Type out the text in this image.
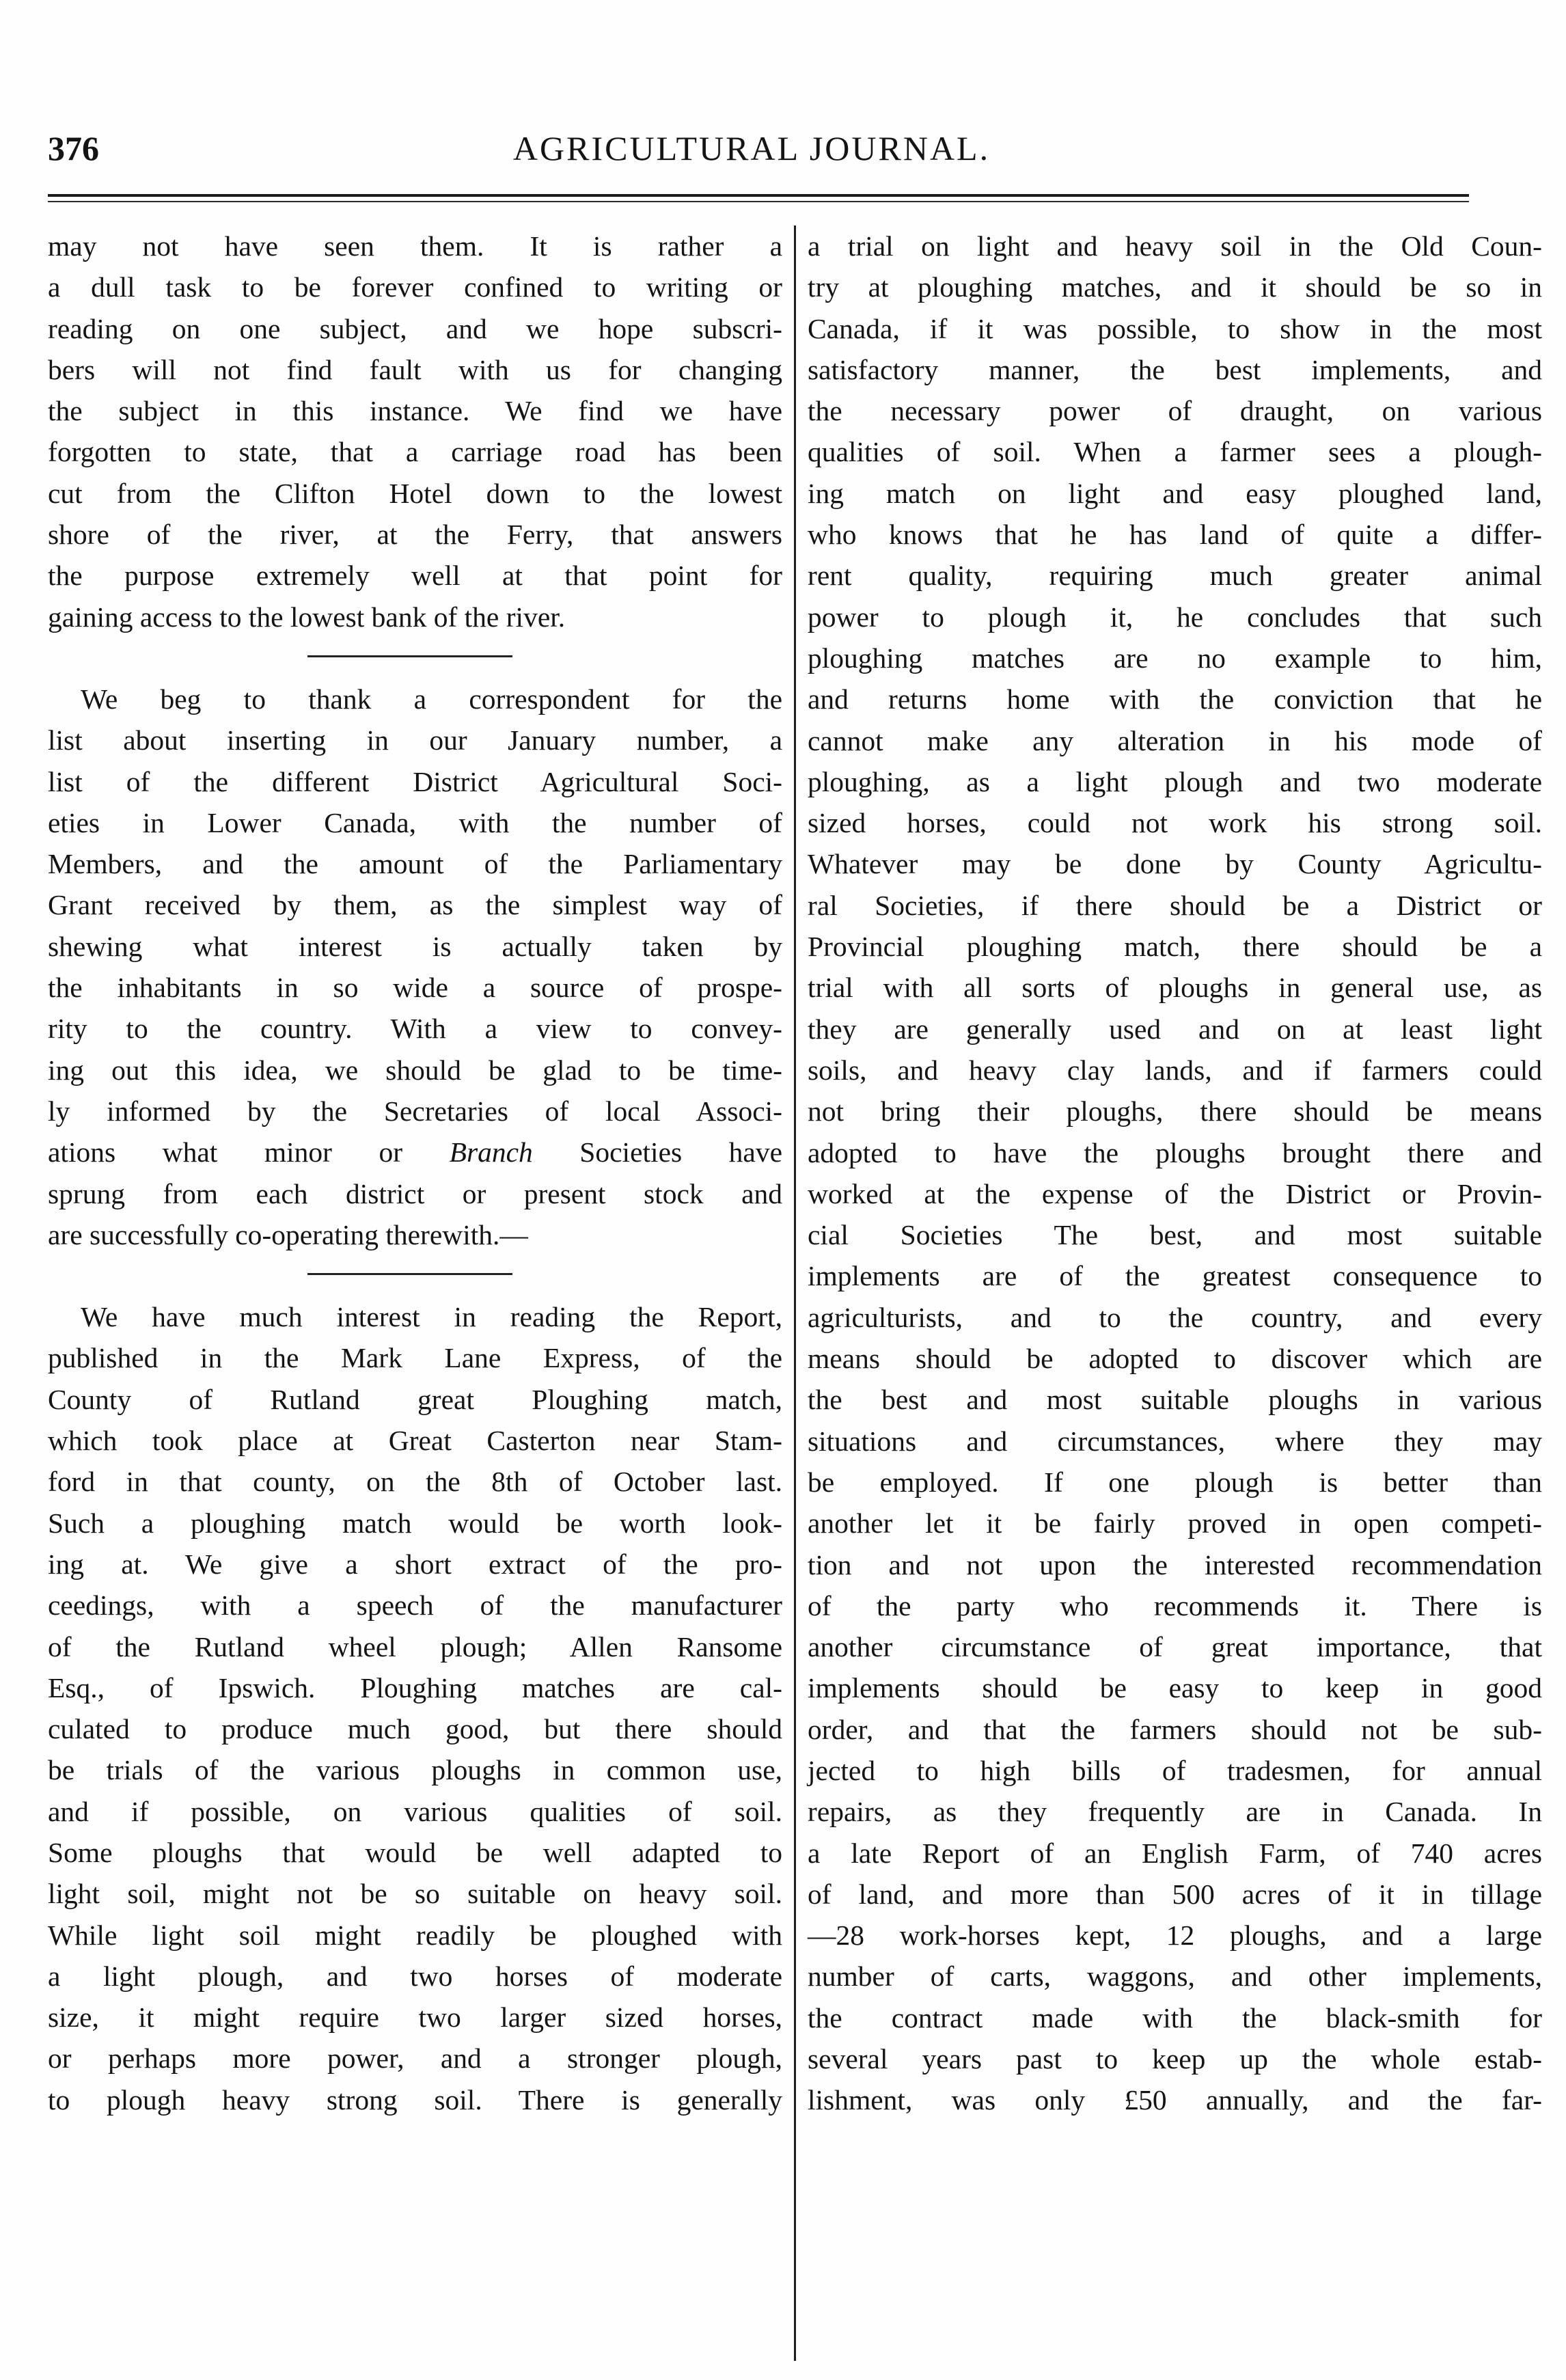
376	AGRICULTURAL JOURNAL.
may not have seen them. It is rather a
a dull task to be forever confined to writing or
reading on one subject, and we hope subscri-
bers will not find fault with us for changing
the subject in this instance. We find we have
forgotten to state, that a carriage road has been
cut from the Clifton Hotel down to the lowest
shore of the river, at the Ferry, that answers
the purpose extremely well at that point for
gaining access to the lowest bank of the river.
We beg to thank a correspondent for the
list about inserting in our January number, a
list of the different District Agricultural Soci-
eties in Lower Canada, with the number of
Members, and the amount of the Parliamentary
Grant received by them, as the simplest way of
shewing what interest is actually taken by
the inhabitants in so wide a source of prospe-
rity to the country. With a view to convey-
ing out this idea, we should be glad to be time-
ly informed by the Secretaries of local Associ-
ations what minor or Branch Societies have
sprung from each district or present stock and
are successfully co-operating therewith.—
We have much interest in reading the Report,
published in the Mark Lane Express, of the
County of Rutland great Ploughing match,
which took place at Great Casterton near Stam-
ford in that county, on the 8th of October last.
Such a ploughing match would be worth look-
ing at. We give a short extract of the pro-
ceedings, with a speech of the manufacturer
of the Rutland wheel plough; Allen Ransome
Esq., of Ipswich. Ploughing matches are cal-
culated to produce much good, but there should
be trials of the various ploughs in common use,
and if possible, on various qualities of soil.
Some ploughs that would be well adapted to
light soil, might not be so suitable on heavy soil.
While light soil might readily be ploughed with
a light plough, and two horses of moderate
size, it might require two larger sized horses,
or perhaps more power, and a stronger plough,
to plough heavy strong soil. There is generally
a trial on light and heavy soil in the Old Coun-
try at ploughing matches, and it should be so in
Canada, if it was possible, to show in the most
satisfactory manner, the best implements, and
the necessary power of draught, on various
qualities of soil. When a farmer sees a plough-
ing match on light and easy ploughed land,
who knows that he has land of quite a differ-
rent quality, requiring much greater animal
power to plough it, he concludes that such
ploughing matches are no example to him,
and returns home with the conviction that he
cannot make any alteration in his mode of
ploughing, as a light plough and two moderate
sized horses, could not work his strong soil.
Whatever may be done by County Agricultu-
ral Societies, if there should be a District or
Provincial ploughing match, there should be a
trial with all sorts of ploughs in general use, as
they are generally used and on at least light
soils, and heavy clay lands, and if farmers could
not bring their ploughs, there should be means
adopted to have the ploughs brought there and
worked at the expense of the District or Provin-
cial Societies The best, and most suitable
implements are of the greatest consequence to
agriculturists, and to the country, and every
means should be adopted to discover which are
the best and most suitable ploughs in various
situations and circumstances, where they may
be employed. If one plough is better than
another let it be fairly proved in open competi-
tion and not upon the interested recommendation
of the party who recommends it. There is
another circumstance of great importance, that
implements should be easy to keep in good
order, and that the farmers should not be sub-
jected to high bills of tradesmen, for annual
repairs, as they frequently are in Canada. In
a late Report of an English Farm, of 740 acres
of land, and more than 500 acres of it in tillage
—28 work-horses kept, 12 ploughs, and a large
number of carts, waggons, and other implements,
the contract made with the black-smith for
several years past to keep up the whole estab-
lishment, was only £50 annually, and the far-
